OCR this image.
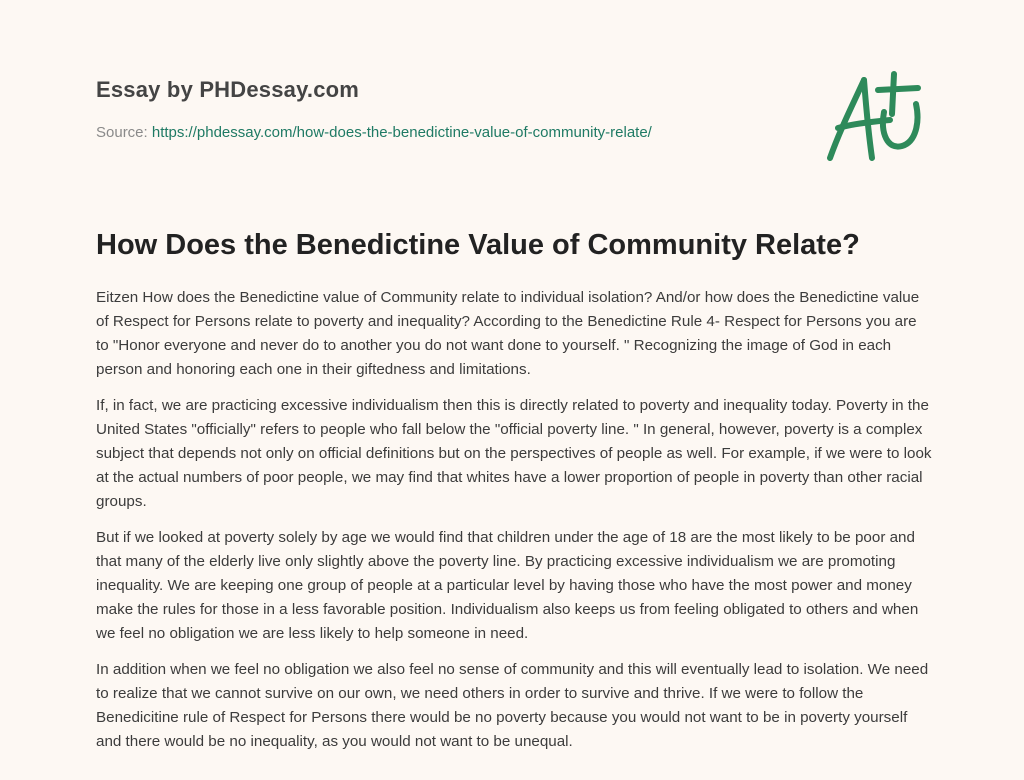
Essay by PHDessay.com
Source: https://phdessay.com/how-does-the-benedictine-value-of-community-relate/
How Does the Benedictine Value of Community Relate?

Eitzen How does the Benedictine value of Community relate to individual isolation? And/or how does the Benedictine value of Respect for Persons relate to poverty and inequality? According to the Benedictine Rule 4- Respect for Persons you are to "Honor everyone and never do to another you do not want done to yourself. " Recognizing the image of God in each person and honoring each one in their giftedness and limitations.

If, in fact, we are practicing excessive individualism then this is directly related to poverty and inequality today. Poverty in the United States "officially" refers to people who fall below the "official poverty line. " In general, however, poverty is a complex subject that depends not only on official definitions but on the perspectives of people as well. For example, if we were to look at the actual numbers of poor people, we may find that whites have a lower proportion of people in poverty than other racial groups.

But if we looked at poverty solely by age we would find that children under the age of 18 are the most likely to be poor and that many of the elderly live only slightly above the poverty line. By practicing excessive individualism we are promoting inequality. We are keeping one group of people at a particular level by having those who have the most power and money make the rules for those in a less favorable position. Individualism also keeps us from feeling obligated to others and when we feel no obligation we are less likely to help someone in need.

In addition when we feel no obligation we also feel no sense of community and this will eventually lead to isolation. We need to realize that we cannot survive on our own, we need others in order to survive and thrive. If we were to follow the Benedicitine rule of Respect for Persons there would be no poverty because you would not want to be in poverty yourself and there would be no inequality, as you would not want to be unequal.
